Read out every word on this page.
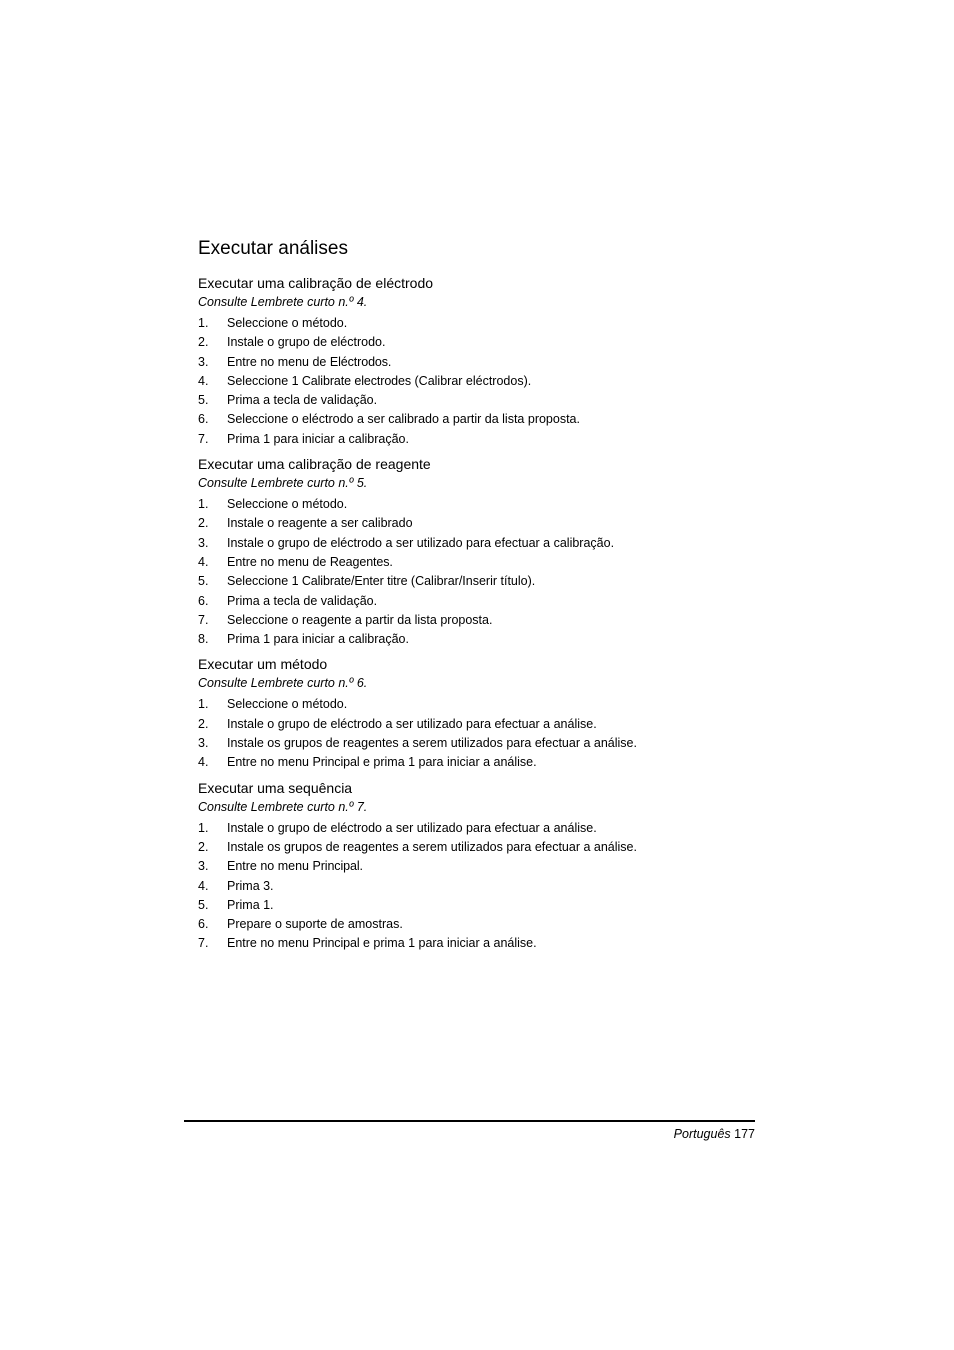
Executar análises
Executar uma calibração de eléctrodo
Consulte Lembrete curto n.º 4.
1.	Seleccione o método.
2.	Instale o grupo de eléctrodo.
3.	Entre no menu de Eléctrodos.
4.	Seleccione 1 Calibrate electrodes (Calibrar eléctrodos).
5.	Prima a tecla de validação.
6.	Seleccione o eléctrodo a ser calibrado a partir da lista proposta.
7.	Prima 1 para iniciar a calibração.
Executar uma calibração de reagente
Consulte Lembrete curto n.º 5.
1.	Seleccione o método.
2.	Instale o reagente a ser calibrado
3.	Instale o grupo de eléctrodo a ser utilizado para efectuar a calibração.
4.	Entre no menu de Reagentes.
5.	Seleccione 1 Calibrate/Enter titre (Calibrar/Inserir título).
6.	Prima a tecla de validação.
7.	Seleccione o reagente a partir da lista proposta.
8.	Prima 1 para iniciar a calibração.
Executar um método
Consulte Lembrete curto n.º 6.
1.	Seleccione o método.
2.	Instale o grupo de eléctrodo a ser utilizado para efectuar a análise.
3.	Instale os grupos de reagentes a serem utilizados para efectuar a análise.
4.	Entre no menu Principal e prima 1 para iniciar a análise.
Executar uma sequência
Consulte Lembrete curto n.º 7.
1.	Instale o grupo de eléctrodo a ser utilizado para efectuar a análise.
2.	Instale os grupos de reagentes a serem utilizados para efectuar a análise.
3.	Entre no menu Principal.
4.	Prima 3.
5.	Prima 1.
6.	Prepare o suporte de amostras.
7.	Entre no menu Principal e prima 1 para iniciar a análise.
Português 177
